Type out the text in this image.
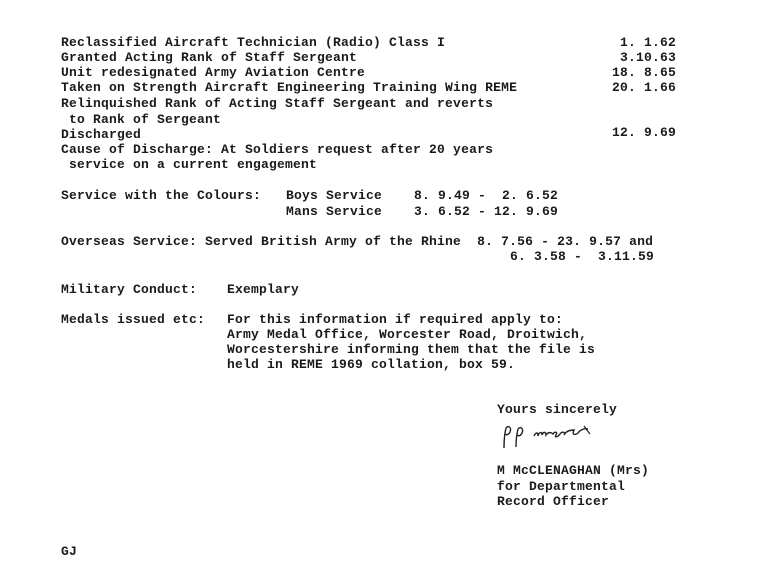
Reclassified Aircraft Technician (Radio) Class I	1. 1.62
Granted Acting Rank of Staff Sergeant	3.10.63
Unit redesignated Army Aviation Centre	18. 8.65
Taken on Strength Aircraft Engineering Training Wing REME	20. 1.66
Relinquished Rank of Acting Staff Sergeant and reverts
to Rank of Sergeant
Discharged	12. 9.69
Cause of Discharge: At Soldiers request after 20 years
service on a current engagement
Service with the Colours: Boys Service 8. 9.49 -  2. 6.52
Mans Service 3. 6.52 - 12. 9.69
Overseas Service: Served British Army of the Rhine  8. 7.56 - 23. 9.57 and
6. 3.58 -  3.11.59
Military Conduct: Exemplary
Medals issued etc: For this information if required apply to:
Army Medal Office, Worcester Road, Droitwich,
Worcestershire informing them that the file is
held in REME 1969 collation, box 59.
Yours sincerely
M McCLENAGHAN (Mrs)
for Departmental
Record Officer
GJ
